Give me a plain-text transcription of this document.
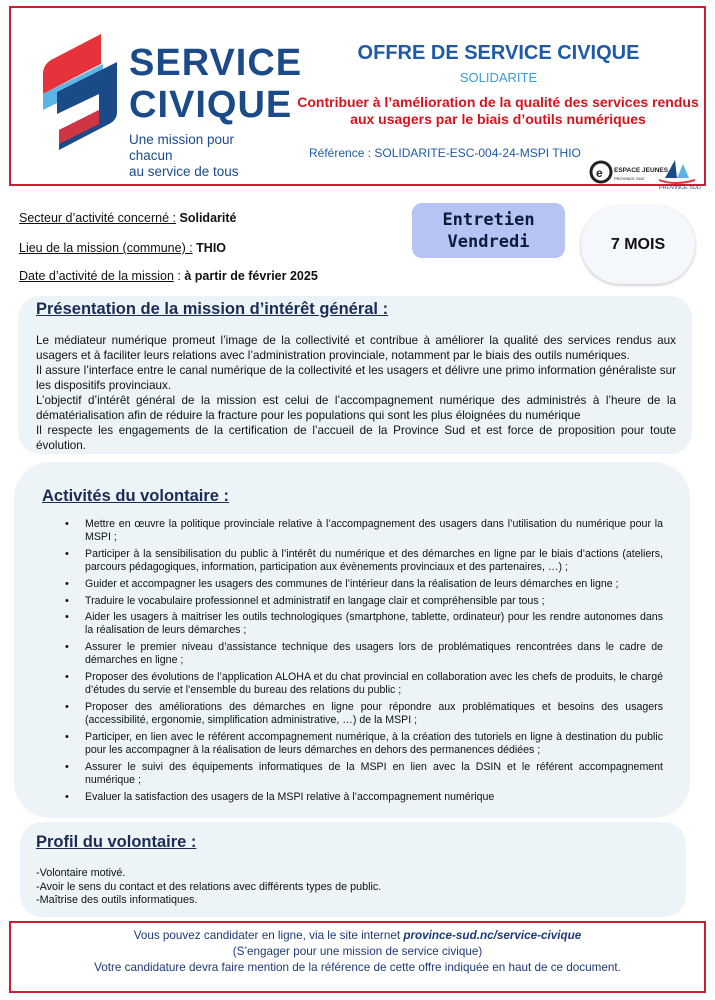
SERVICE
CIVIQUE
Une mission pour chacun
au service de tous
OFFRE DE SERVICE CIVIQUE
SOLIDARITE
Contribuer à l’amélioration de la qualité des services rendus aux usagers par le biais d’outils numériques
Référence : SOLIDARITE-ESC-004-24-MSPI THIO
e ESPACE JEUNES
PROVINCE SUD
PROVINCE SUD
Secteur d’activité concerné : Solidarité
Lieu de la mission (commune) : THIO
Date d’activité de la mission : à partir de février 2025
Entretien
Vendredi	7 MOIS
Présentation de la mission d’intérêt général :

Le médiateur numérique promeut l’image de la collectivité et contribue à améliorer la qualité des services rendus aux usagers et à faciliter leurs relations avec l’administration provinciale, notamment par le biais des outils numériques.

Il assure l’interface entre le canal numérique de la collectivité et les usagers et délivre une primo information généraliste sur les dispositifs provinciaux.

L’objectif d’intérêt général de la mission est celui de l’accompagnement numérique des administrés à l’heure de la dématérialisation afin de réduire la fracture pour les populations qui sont les plus éloignées du numérique

Il respecte les engagements de la certification de l’accueil de la Province Sud et est force de proposition pour toute évolution.

Activités du volontaire :
• Mettre en œuvre la politique provinciale relative à l’accompagnement des usagers dans l’utilisation du numérique pour la MSPI ;
• Participer à la sensibilisation du public à l’intérêt du numérique et des démarches en ligne par le biais d’actions (ateliers, parcours pédagogiques, information, participation aux évènements provinciaux et des partenaires, …) ;
• Guider et accompagner les usagers des communes de l’intérieur dans la réalisation de leurs démarches en ligne ;
• Traduire le vocabulaire professionnel et administratif en langage clair et compréhensible par tous ;
• Aider les usagers à maitriser les outils technologiques (smartphone, tablette, ordinateur) pour les rendre autonomes dans la réalisation de leurs démarches ;
• Assurer le premier niveau d’assistance technique des usagers lors de problématiques rencontrées dans le cadre de démarches en ligne ;
• Proposer des évolutions de l’application ALOHA et du chat provincial en collaboration avec les chefs de produits, le chargé d’études du servie et l’ensemble du bureau des relations du public ;
• Proposer des améliorations des démarches en ligne pour répondre aux problématiques et besoins des usagers (accessibilité, ergonomie, simplification administrative, …) de la MSPI ;
• Participer, en lien avec le référent accompagnement numérique, à la création des tutoriels en ligne à destination du public pour les accompagner à la réalisation de leurs démarches en dehors des permanences dédiées ;
• Assurer le suivi des équipements informatiques de la MSPI en lien avec la DSIN et le référent accompagnement numérique ;
• Evaluer la satisfaction des usagers de la MSPI relative à l’accompagnement numérique
Profil du volontaire :
-Volontaire motivé.
-Avoir le sens du contact et des relations avec différents types de public.
-Maîtrise des outils informatiques.
Vous pouvez candidater en ligne, via le site internet province-sud.nc/service-civique
(S’engager pour une mission de service civique)
Votre candidature devra faire mention de la référence de cette offre indiquée en haut de ce document.
